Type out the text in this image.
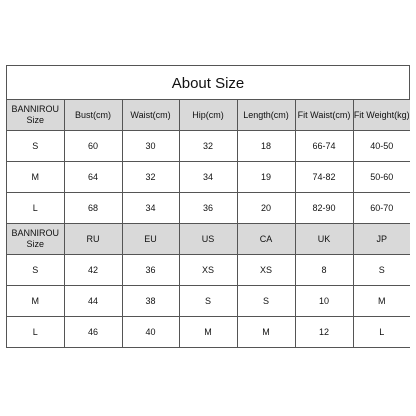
About Size
BANNIROU
Size	Bust(cm)	Waist(cm)	Hip(cm)	Length(cm)	Fit Waist(cm)	Fit Weight(kg)
S	60	30	32	18	66-74	40-50
M	64	32	34	19	74-82	50-60
L	68	34	36	20	82-90	60-70

BANNIROU
Size	RU	EU	US	CA	UK	JP
S	42	36	XS	XS	8	S
M	44	38	S	S	10	M
L	46	40	M	M	12	L
